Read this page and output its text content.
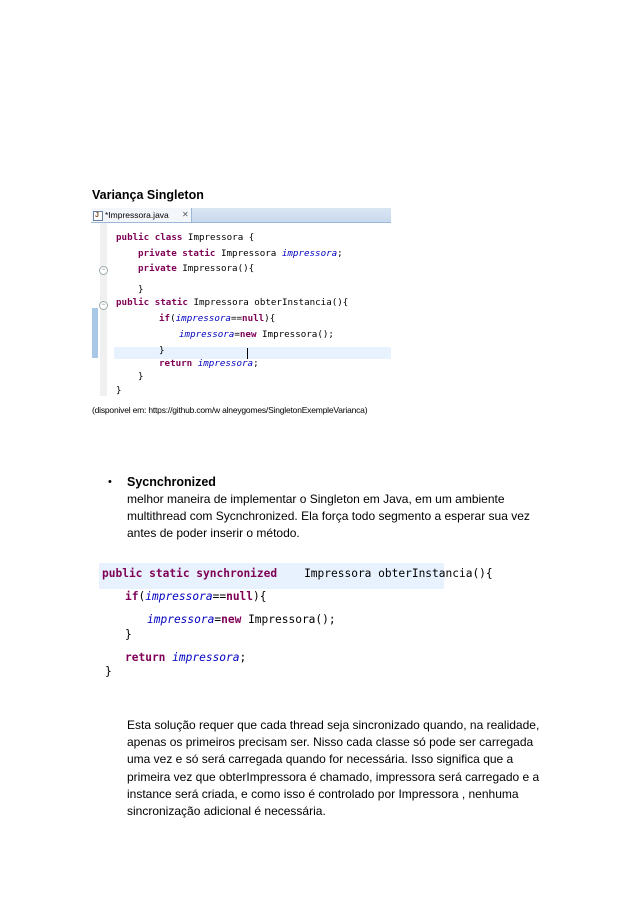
Variança Singleton
J
*Impressora.java ✕
−
−
public class Impressora {
private static Impressora impressora;
private Impressora(){
}
public static Impressora obterInstancia(){
if(impressora==null){
impressora=new Impressora();
}
return impressora;
}
}
(disponivel em: https://github.com/w alneygomes/SingletonExempleVarianca)
• Sycnchronized
melhor maneira de implementar o Singleton em Java, em um ambiente multithread com Sycnchronized. Ela força todo segmento a esperar sua vez antes de poder inserir o método.
public static synchronized    Impressora obterInstancia(){
if(impressora==null){
impressora=new Impressora();
}
return impressora;
}
Esta solução requer que cada thread seja sincronizado quando, na realidade, apenas os primeiros precisam ser. Nisso cada classe só pode ser carregada uma vez e só será carregada quando for necessária. Isso significa que a primeira vez que obterImpressora é chamado, impressora será carregado e a instance será criada, e como isso é controlado por Impressora , nenhuma sincronização adicional é necessária.
